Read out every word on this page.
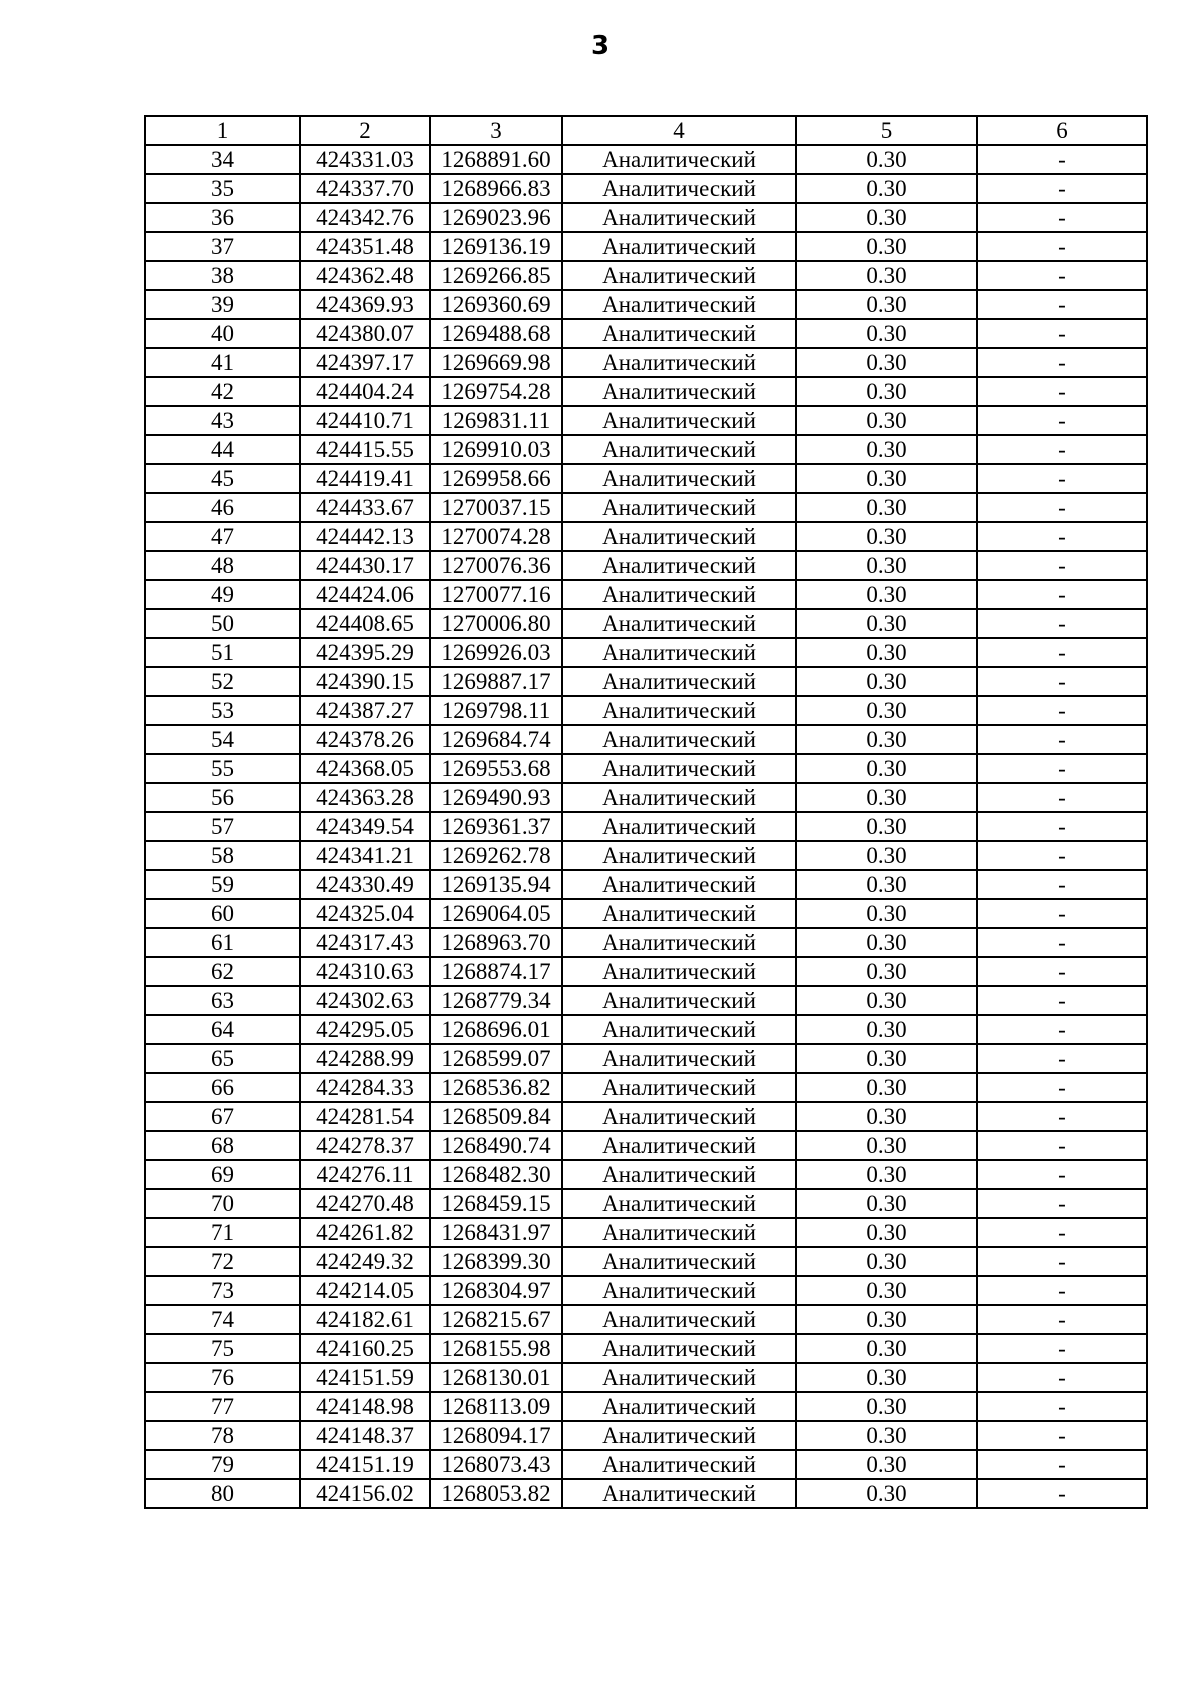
3
1	2	3	4	5	6
34	424331.03	1268891.60	Аналитический	0.30	-
35	424337.70	1268966.83	Аналитический	0.30	-
36	424342.76	1269023.96	Аналитический	0.30	-
37	424351.48	1269136.19	Аналитический	0.30	-
38	424362.48	1269266.85	Аналитический	0.30	-
39	424369.93	1269360.69	Аналитический	0.30	-
40	424380.07	1269488.68	Аналитический	0.30	-
41	424397.17	1269669.98	Аналитический	0.30	-
42	424404.24	1269754.28	Аналитический	0.30	-
43	424410.71	1269831.11	Аналитический	0.30	-
44	424415.55	1269910.03	Аналитический	0.30	-
45	424419.41	1269958.66	Аналитический	0.30	-
46	424433.67	1270037.15	Аналитический	0.30	-
47	424442.13	1270074.28	Аналитический	0.30	-
48	424430.17	1270076.36	Аналитический	0.30	-
49	424424.06	1270077.16	Аналитический	0.30	-
50	424408.65	1270006.80	Аналитический	0.30	-
51	424395.29	1269926.03	Аналитический	0.30	-
52	424390.15	1269887.17	Аналитический	0.30	-
53	424387.27	1269798.11	Аналитический	0.30	-
54	424378.26	1269684.74	Аналитический	0.30	-
55	424368.05	1269553.68	Аналитический	0.30	-
56	424363.28	1269490.93	Аналитический	0.30	-
57	424349.54	1269361.37	Аналитический	0.30	-
58	424341.21	1269262.78	Аналитический	0.30	-
59	424330.49	1269135.94	Аналитический	0.30	-
60	424325.04	1269064.05	Аналитический	0.30	-
61	424317.43	1268963.70	Аналитический	0.30	-
62	424310.63	1268874.17	Аналитический	0.30	-
63	424302.63	1268779.34	Аналитический	0.30	-
64	424295.05	1268696.01	Аналитический	0.30	-
65	424288.99	1268599.07	Аналитический	0.30	-
66	424284.33	1268536.82	Аналитический	0.30	-
67	424281.54	1268509.84	Аналитический	0.30	-
68	424278.37	1268490.74	Аналитический	0.30	-
69	424276.11	1268482.30	Аналитический	0.30	-
70	424270.48	1268459.15	Аналитический	0.30	-
71	424261.82	1268431.97	Аналитический	0.30	-
72	424249.32	1268399.30	Аналитический	0.30	-
73	424214.05	1268304.97	Аналитический	0.30	-
74	424182.61	1268215.67	Аналитический	0.30	-
75	424160.25	1268155.98	Аналитический	0.30	-
76	424151.59	1268130.01	Аналитический	0.30	-
77	424148.98	1268113.09	Аналитический	0.30	-
78	424148.37	1268094.17	Аналитический	0.30	-
79	424151.19	1268073.43	Аналитический	0.30	-
80	424156.02	1268053.82	Аналитический	0.30	-
